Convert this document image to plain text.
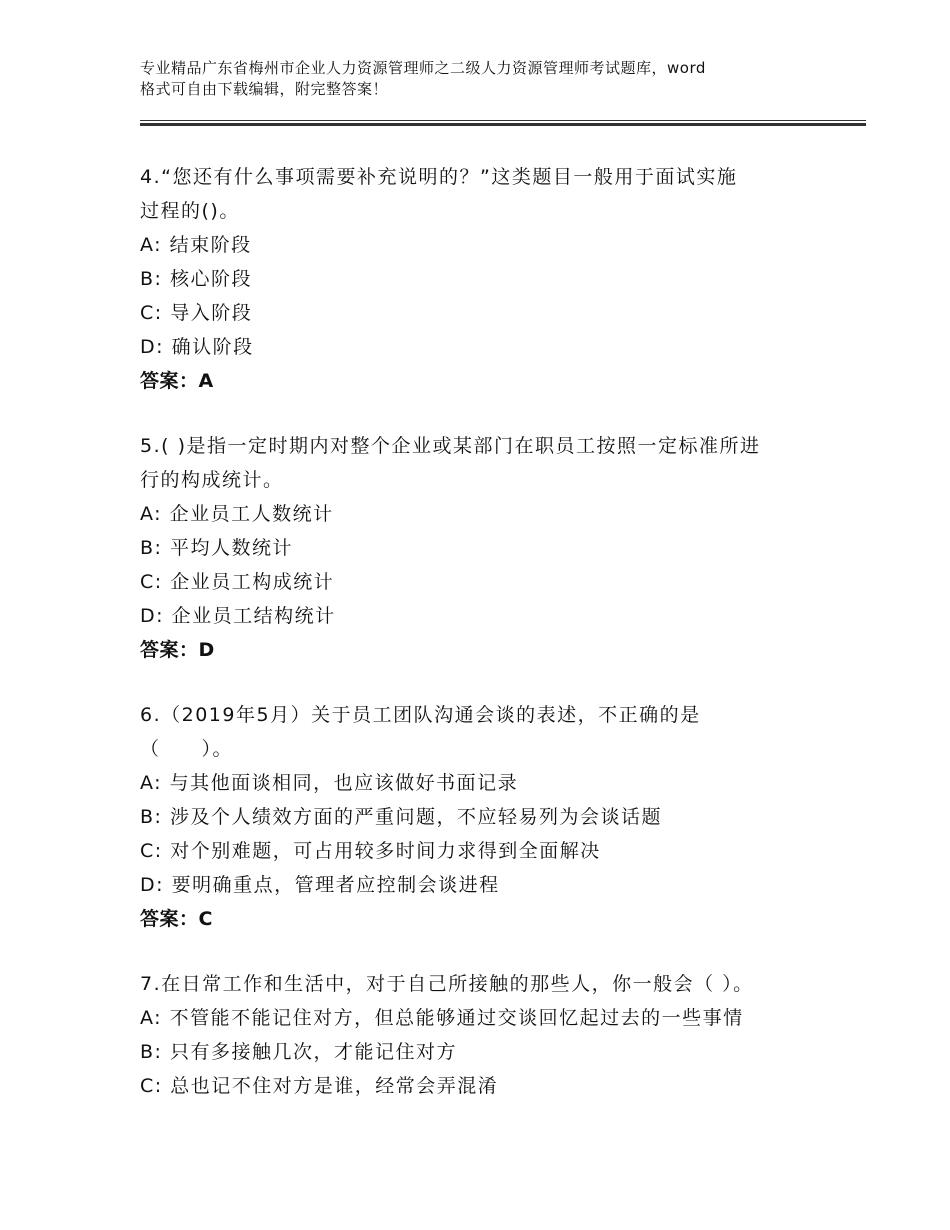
专业精品广东省梅州市企业人力资源管理师之二级人力资源管理师考试题库，word
格式可自由下载编辑，附完整答案！
4.“您还有什么事项需要补充说明的？”这类题目一般用于面试实施
过程的()。
A: 结束阶段
B: 核心阶段
C: 导入阶段
D: 确认阶段
答案：A
5.( )是指一定时期内对整个企业或某部门在职员工按照一定标准所进
行的构成统计。
A: 企业员工人数统计
B: 平均人数统计
C: 企业员工构成统计
D: 企业员工结构统计
答案：D
6.（2019年5月）关于员工团队沟通会谈的表述，不正确的是
（　　）。
A: 与其他面谈相同，也应该做好书面记录
B: 涉及个人绩效方面的严重问题，不应轻易列为会谈话题
C: 对个别难题，可占用较多时间力求得到全面解决
D: 要明确重点，管理者应控制会谈进程
答案：C
7.在日常工作和生活中，对于自己所接触的那些人，你一般会（ ）。
A: 不管能不能记住对方，但总能够通过交谈回忆起过去的一些事情
B: 只有多接触几次，才能记住对方
C: 总也记不住对方是谁，经常会弄混淆
